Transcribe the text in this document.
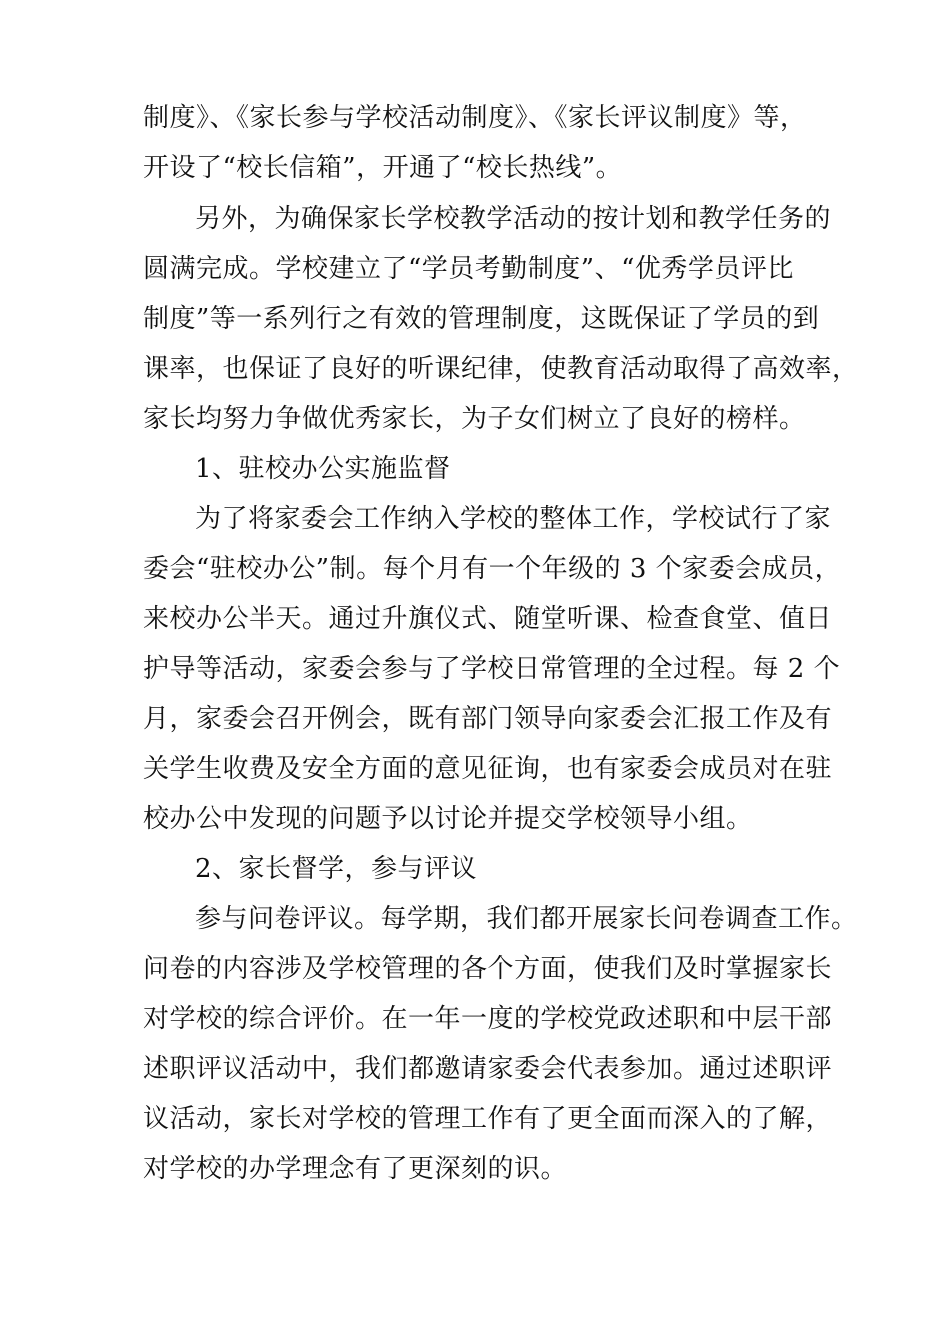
制度》、《家长参与学校活动制度》、《家长评议制度》等，
开设了“校长信箱”，开通了“校长热线”。
另外，为确保家长学校教学活动的按计划和教学任务的
圆满完成。学校建立了“学员考勤制度”、“优秀学员评比
制度”等一系列行之有效的管理制度，这既保证了学员的到
课率，也保证了良好的听课纪律，使教育活动取得了高效率，
家长均努力争做优秀家长，为子女们树立了良好的榜样。
1、驻校办公实施监督
为了将家委会工作纳入学校的整体工作，学校试行了家
委会“驻校办公”制。每个月有一个年级的 3 个家委会成员，
来校办公半天。通过升旗仪式、随堂听课、检查食堂、值日
护导等活动，家委会参与了学校日常管理的全过程。每 2 个
月，家委会召开例会，既有部门领导向家委会汇报工作及有
关学生收费及安全方面的意见征询，也有家委会成员对在驻
校办公中发现的问题予以讨论并提交学校领导小组。
2、家长督学，参与评议
参与问卷评议。每学期，我们都开展家长问卷调查工作。
问卷的内容涉及学校管理的各个方面，使我们及时掌握家长
对学校的综合评价。在一年一度的学校党政述职和中层干部
述职评议活动中，我们都邀请家委会代表参加。通过述职评
议活动，家长对学校的管理工作有了更全面而深入的了解，
对学校的办学理念有了更深刻的识。
